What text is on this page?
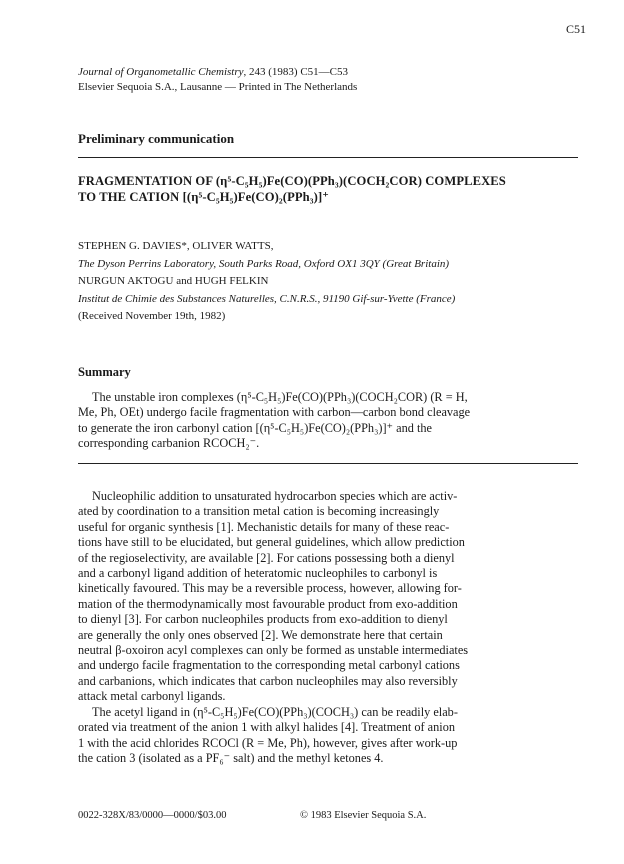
C51
Journal of Organometallic Chemistry, 243 (1983) C51—C53
Elsevier Sequoia S.A., Lausanne — Printed in The Netherlands
Preliminary communication
FRAGMENTATION OF (η⁵-C₅H₅)Fe(CO)(PPh₃)(COCH₂COR) COMPLEXES
TO THE CATION [(η⁵-C₅H₅)Fe(CO)₂(PPh₃)]⁺
STEPHEN G. DAVIES*, OLIVER WATTS,
The Dyson Perrins Laboratory, South Parks Road, Oxford OX1 3QY (Great Britain)
NURGUN AKTOGU and HUGH FELKIN
Institut de Chimie des Substances Naturelles, C.N.R.S., 91190 Gif-sur-Yvette (France)
(Received November 19th, 1982)
Summary
The unstable iron complexes (η⁵-C₅H₅)Fe(CO)(PPh₃)(COCH₂COR) (R = H,
Me, Ph, OEt) undergo facile fragmentation with carbon—carbon bond cleavage
to generate the iron carbonyl cation [(η⁵-C₅H₅)Fe(CO)₂(PPh₃)]⁺ and the
corresponding carbanion RCOCH₂⁻.
Nucleophilic addition to unsaturated hydrocarbon species which are activ-
ated by coordination to a transition metal cation is becoming increasingly
useful for organic synthesis [1]. Mechanistic details for many of these reac-
tions have still to be elucidated, but general guidelines, which allow prediction
of the regioselectivity, are available [2]. For cations possessing both a dienyl
and a carbonyl ligand addition of heteratomic nucleophiles to carbonyl is
kinetically favoured. This may be a reversible process, however, allowing for-
mation of the thermodynamically most favourable product from exo-addition
to dienyl [3]. For carbon nucleophiles products from exo-addition to dienyl
are generally the only ones observed [2]. We demonstrate here that certain
neutral β-oxoiron acyl complexes can only be formed as unstable intermediates
and undergo facile fragmentation to the corresponding metal carbonyl cations
and carbanions, which indicates that carbon nucleophiles may also reversibly
attack metal carbonyl ligands.
The acetyl ligand in (η⁵-C₅H₅)Fe(CO)(PPh₃)(COCH₃) can be readily elab-
orated via treatment of the anion 1 with alkyl halides [4]. Treatment of anion
1 with the acid chlorides RCOCl (R = Me, Ph), however, gives after work-up
the cation 3 (isolated as a PF₆⁻ salt) and the methyl ketones 4.
0022-328X/83/0000—0000/$03.00	© 1983 Elsevier Sequoia S.A.
